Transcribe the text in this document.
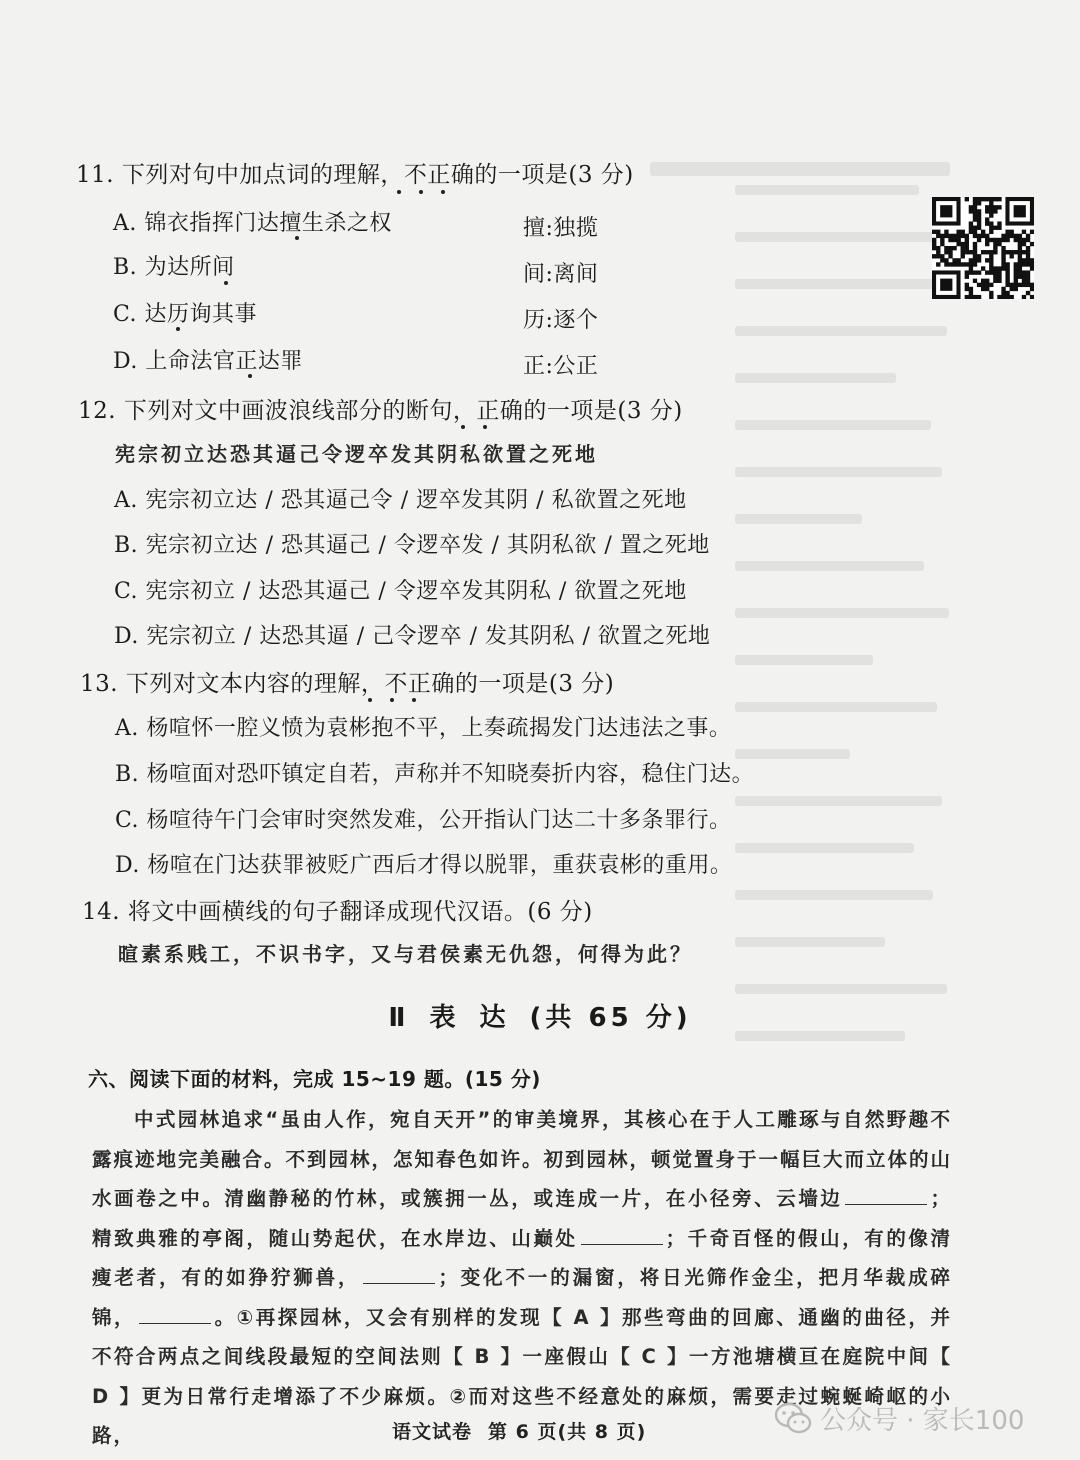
11. 下列对句中加点词的理解，不正确的一项是(3 分)
A. 锦衣指挥门达擅生杀之权	擅:独揽
B. 为达所间	间:离间
C. 达历询其事	历:逐个
D. 上命法官正达罪	正:公正
12. 下列对文中画波浪线部分的断句，正确的一项是(3 分)
宪宗初立达恐其逼己令逻卒发其阴私欲置之死地
A. 宪宗初立达 / 恐其逼己令 / 逻卒发其阴 / 私欲置之死地
B. 宪宗初立达 / 恐其逼己 / 令逻卒发 / 其阴私欲 / 置之死地
C. 宪宗初立 / 达恐其逼己 / 令逻卒发其阴私 / 欲置之死地
D. 宪宗初立 / 达恐其逼 / 己令逻卒 / 发其阴私 / 欲置之死地
13. 下列对文本内容的理解，不正确的一项是(3 分)
A. 杨喧怀一腔义愤为袁彬抱不平，上奏疏揭发门达违法之事。
B. 杨喧面对恐吓镇定自若，声称并不知晓奏折内容，稳住门达。
C. 杨喧待午门会审时突然发难，公开指认门达二十多条罪行。
D. 杨喧在门达获罪被贬广西后才得以脱罪，重获袁彬的重用。
14. 将文中画横线的句子翻译成现代汉语。(6 分)
暄素系贱工，不识书字，又与君侯素无仇怨，何得为此？
Ⅱ 表 达 (共 65 分)
六、阅读下面的材料，完成 15~19 题。(15 分)
中式园林追求“虽由人作，宛自天开”的审美境界，其核心在于人工雕琢与自然野趣不露痕迹地完美融合。不到园林，怎知春色如许。初到园林，顿觉置身于一幅巨大而立体的山水画卷之中。清幽静秘的竹林，或簇拥一丛，或连成一片，在小径旁、云墙边	；精致典雅的亭阁，随山势起伏，在水岸边、山巅处	；千奇百怪的假山，有的像清瘦老者，有的如狰狞狮兽，	；变化不一的漏窗，将日光筛作金尘，把月华裁成碎锦，	。①再探园林，又会有别样的发现【 A 】那些弯曲的回廊、通幽的曲径，并不符合两点之间线段最短的空间法则【 B 】一座假山【 C 】一方池塘横亘在庭院中间【 D 】更为日常行走增添了不少麻烦。②而对这些不经意处的麻烦，需要走过蜿蜒崎岖的小路，	语文试卷 第 6 页(共 8 页)	公众号 · 家长100
